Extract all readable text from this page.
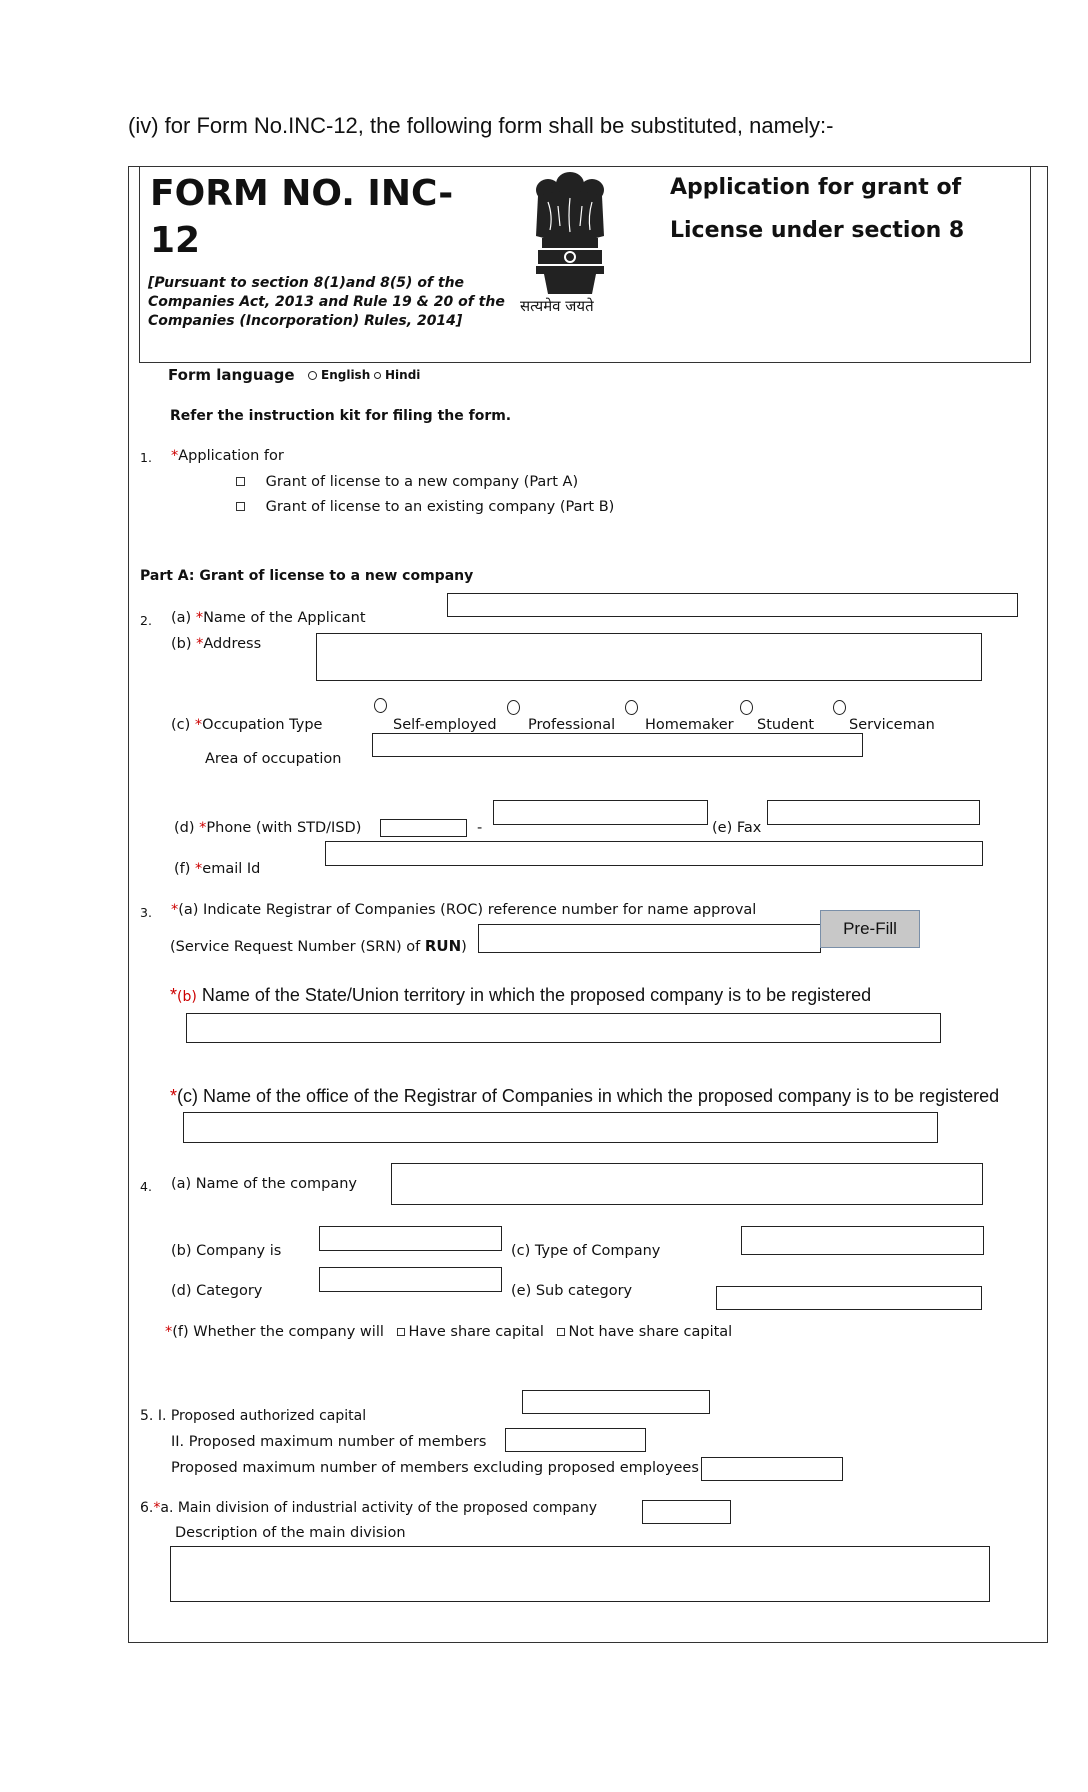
(iv) for Form No.INC-12, the following form shall be substituted, namely:-
FORM NO. INC-12
[Pursuant to section 8(1)and 8(5) of the Companies Act, 2013 and Rule 19 & 20 of the Companies (Incorporation) Rules, 2014]
Application for grant of License under section 8
सत्यमेव जयते
Form language	English	Hindi
Refer the instruction kit for filing the form.
1. *Application for
Grant of license to a new company (Part A)
Grant of license to an existing company (Part B)
Part A: Grant of license to a new company
2. (a) *Name of the Applicant
(b) *Address
(c) *Occupation Type	Self-employed Professional Homemaker Student Serviceman
Area of occupation
(d) *Phone (with STD/ISD)	-	(e) Fax
(f) *email Id
3. *(a) Indicate Registrar of Companies (ROC) reference number for name approval
(Service Request Number (SRN) of RUN)
Pre-Fill
*(b) Name of the State/Union territory in which the proposed company is to be registered
*(c) Name of the office of the Registrar of Companies in which the proposed company is to be registered
4. (a) Name of the company
(b) Company is	(c) Type of Company
(d) Category	(e) Sub category
*(f) Whether the company will Have share capital Not have share capital
5. I. Proposed authorized capital
II. Proposed maximum number of members
Proposed maximum number of members excluding proposed employees
6.*a. Main division of industrial activity of the proposed company
Description of the main division
